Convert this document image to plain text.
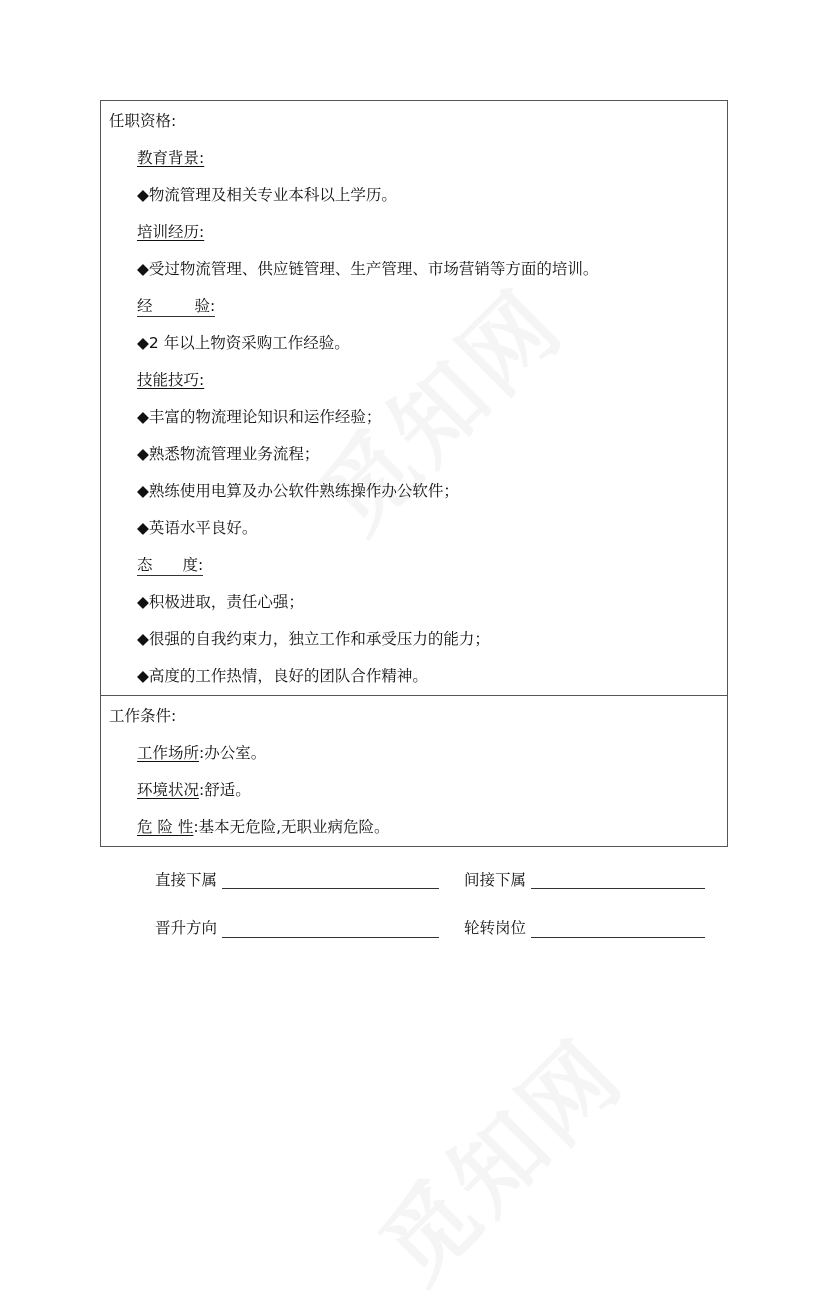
任职资格:
教育背景:
◆物流管理及相关专业本科以上学历。
培训经历:
◆受过物流管理、供应链管理、生产管理、市场营销等方面的培训。
经验:
◆2 年以上物资采购工作经验。
技能技巧:
◆丰富的物流理论知识和运作经验；
◆熟悉物流管理业务流程；
◆熟练使用电算及办公软件熟练操作办公软件；
◆英语水平良好。
态度:
◆积极进取，责任心强；
◆很强的自我约束力，独立工作和承受压力的能力；
◆高度的工作热情，良好的团队合作精神。
工作条件:
工作场所:办公室。
环境状况:舒适。
危 险 性:基本无危险,无职业病危险。
直接下属	间接下属
晋升方向	轮转岗位
